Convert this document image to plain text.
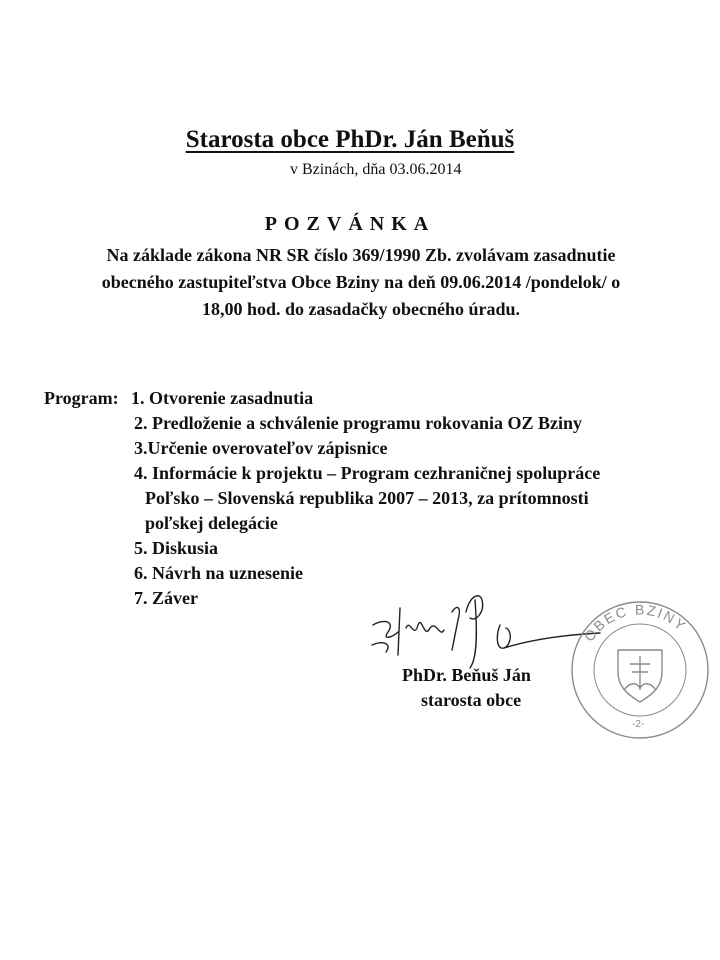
Starosta obce PhDr. Ján Beňuš
v Bzinách, dňa 03.06.2014
POZVÁNKA
Na základe zákona NR SR číslo 369/1990 Zb. zvolávam zasadnutie
obecného zastupiteľstva Obce Bziny na deň 09.06.2014 /pondelok/ o
18,00 hod. do zasadačky obecného úradu.
Program: 1. Otvorenie zasadnutia
2. Predloženie a schválenie programu rokovania OZ Bziny
3.Určenie overovateľov zápisnice
4. Informácie k projektu – Program cezhraničnej spolupráce
Poľsko – Slovenská republika 2007 – 2013, za prítomnosti
poľskej delegácie
5. Diskusia
6. Návrh na uznesenie
7. Záver
OBEC BZINY
-2-
PhDr. Beňuš Ján
starosta obce
